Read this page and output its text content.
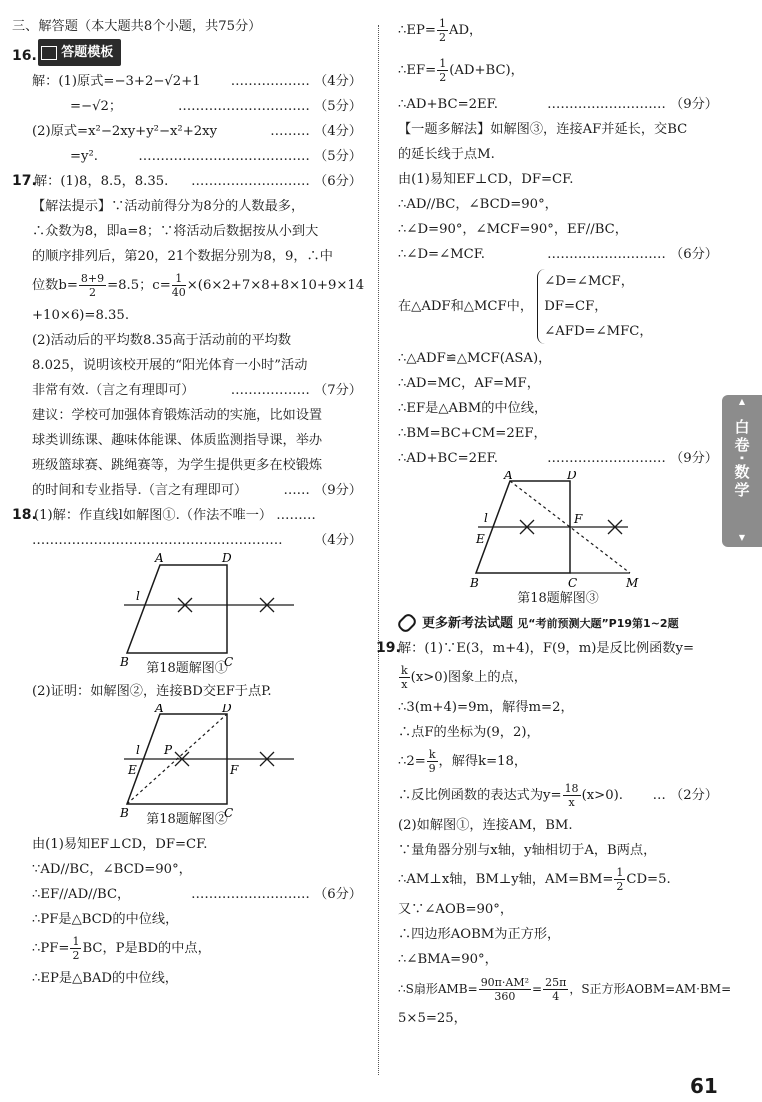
三、解答题（本大题共8个小题，共75分）
16. 答题模板
解：(1)原式=−3+2−√2+1 ……………… （4分）
=−√2；	………………………… （5分）
(2)原式=x²−2xy+y²−x²+2xy	……… （4分）
=y².	………………………………… （5分）
17.解：(1)8，8.5，8.35. ……………………… （6分）
【解法提示】∵活动前得分为8分的人数最多，
∴众数为8，即a=8；∵将活动后数据按从小到大
的顺序排列后，第20，21个数据分别为8，9，∴中
位数$b= \frac{8+9}{2} =8.5$；$c= \frac{1}{40} \times(6\times 2+7\times 8+8\times 10+9\times 14$
+10×6)=8.35.
(2)活动后的平均数8.35高于活动前的平均数
8.025，说明该校开展的“阳光体育一小时”活动
非常有效.（言之有理即可）	……………… （7分）
建议：学校可加强体育锻炼活动的实施，比如设置
球类训练课、趣味体能课、体质监测指导课，举办
班级篮球赛、跳绳赛等，为学生提供更多在校锻炼
的时间和专业指导.（言之有理即可）	…… （9分）
18.(1)解：作直线l如解图①.（作法不唯一） ………
………………………………………………… （4分）
A	D
B	C
l
第18题解图①
(2)证明：如解图②，连接BD交EF于点P.
A	D
B	C
l P
E	F
第18题解图②
由(1)易知EF⊥CD，DF=CF.
∵AD//BC，∠BCD=90°，
∴EF//AD//BC，	……………………… （6分）
∴PF是△BCD的中位线，
∴PF= $\frac{1}{2}$ BC，P是BD的中点，
∴EP是△BAD的中位线，
∴EP= $\frac{1}{2}$ AD，
∴EF= $\frac{1}{2} (AD+BC)$，
∴AD+BC=2EF.	……………………… （9分）
【一题多解法】如解图③，连接AF并延长，交BC
的延长线于点M.
由(1)易知EF⊥CD，DF=CF.
∴AD//BC，∠BCD=90°，
∴∠D=90°，∠MCF=90°，EF//BC，
∴∠D=∠MCF.	……………………… （6分）
在△ADF和△MCF中，
∠D=∠MCF，
DF=CF，
∠AFD=∠MFC，
∴△ADF≌△MCF(ASA)，
∴AD=MC，AF=MF，
∴EF是△ABM的中位线，
∴BM=BC+CM=2EF，
∴AD+BC=2EF.	……………………… （9分）
A	D
B	C	M
l
E
F
第18题解图③
更多新考法试题 见“考前预测大题”P19第1~2题
19.解：(1)∵E(3，m+4)，F(9，m)是反比例函数y=
$\frac{k}{x} (x>0)$图象上的点，
∴3(m+4)=9m，解得m=2，
∴点F的坐标为(9，2)，
∴2= $\frac{k}{9}$ ，解得k=18，
∴反比例函数的表达式为$y= \frac{18}{x} (x>0)$. … （2分）
(2)如解图①，连接AM，BM.
∵量角器分别与x轴，y轴相切于A，B两点，
∴AM⊥x轴，BM⊥y轴，$AM=BM= \frac{1}{2} CD=5$.
又∵∠AOB=90°，
∴四边形AOBM为正方形，
∴∠BMA=90°，
∴S扇形$AMB= \frac{\text{90π·AM²}}{360} = \frac{25\pi}{4}$ ，S正方形AOBM=AM·BM=
5×5=25，
▲
白卷·数学
▼
61
